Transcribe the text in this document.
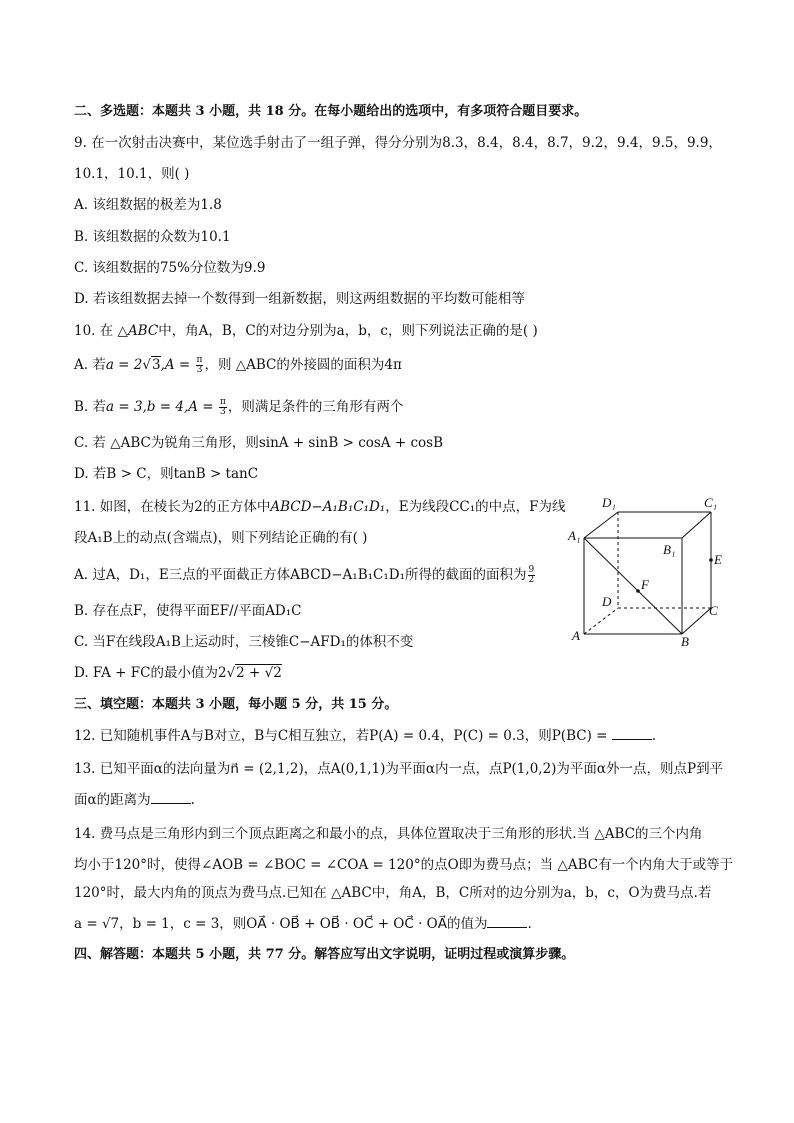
二、多选题：本题共 3 小题，共 18 分。在每小题给出的选项中，有多项符合题目要求。
9. 在一次射击决赛中，某位选手射击了一组子弹，得分分别为8.3，8.4，8.4，8.7，9.2，9.4，9.5，9.9，
10.1，10.1，则( )
A. 该组数据的极差为1.8
B. 该组数据的众数为10.1
C. 该组数据的75%分位数为9.9
D. 若该组数据去掉一个数得到一组新数据，则这两组数据的平均数可能相等
10. 在 △ABC中，角A，B，C的对边分别为a，b，c，则下列说法正确的是( )
A. 若$a = 2√3,A = \frac{\pi}{3}$ ，则 △ABC的外接圆的面积为4π
B. 若$a = 3,b = 4,A = \frac{\pi}{3}$ ，则满足条件的三角形有两个
C. 若 △ABC为锐角三角形，则sinA + sinB > cosA + cosB
D. 若B > C，则tanB > tanC
11. 如图，在棱长为2的正方体中ABCD−A₁B₁C₁D₁，E为线段CC₁的中点，F为线
段A₁B上的动点(含端点)，则下列结论正确的有( )
A. 过A，D₁，E三点的平面截正方体ABCD−A₁B₁C₁D₁所得的截面的面积为 $\frac{9}{2}$
B. 存在点F，使得平面EF//平面AD₁C
C. 当F在线段A₁B上运动时，三棱锥C−AFD₁的体积不变
D. FA + FC的最小值为2√2 + √2
D₁	C₁
A₁
B₁
E
F
D
C
A	B
三、填空题：本题共 3 小题，每小题 5 分，共 15 分。
12. 已知随机事件A与B对立，B与C相互独立，若P(A) = 0.4，P(C) = 0.3，则P(BC) =	.
13. 已知平面α的法向量为n⃗ = (2,1,2)，点A(0,1,1)为平面α内一点，点P(1,0,2)为平面α外一点，则点P到平
面α的距离为	.
14. 费马点是三角形内到三个顶点距离之和最小的点，具体位置取决于三角形的形状.当 △ABC的三个内角
均小于120°时，使得∠AOB = ∠BOC = ∠COA = 120°的点O即为费马点；当 △ABC有一个内角大于或等于
120°时，最大内角的顶点为费马点.已知在 △ABC中，角A，B，C所对的边分别为a，b，c，O为费马点.若
a = √7，b = 1，c = 3，则OA⃗ · OB⃗ + OB⃗ · OC⃗ + OC⃗ · OA⃗的值为	.
四、解答题：本题共 5 小题，共 77 分。解答应写出文字说明，证明过程或演算步骤。
